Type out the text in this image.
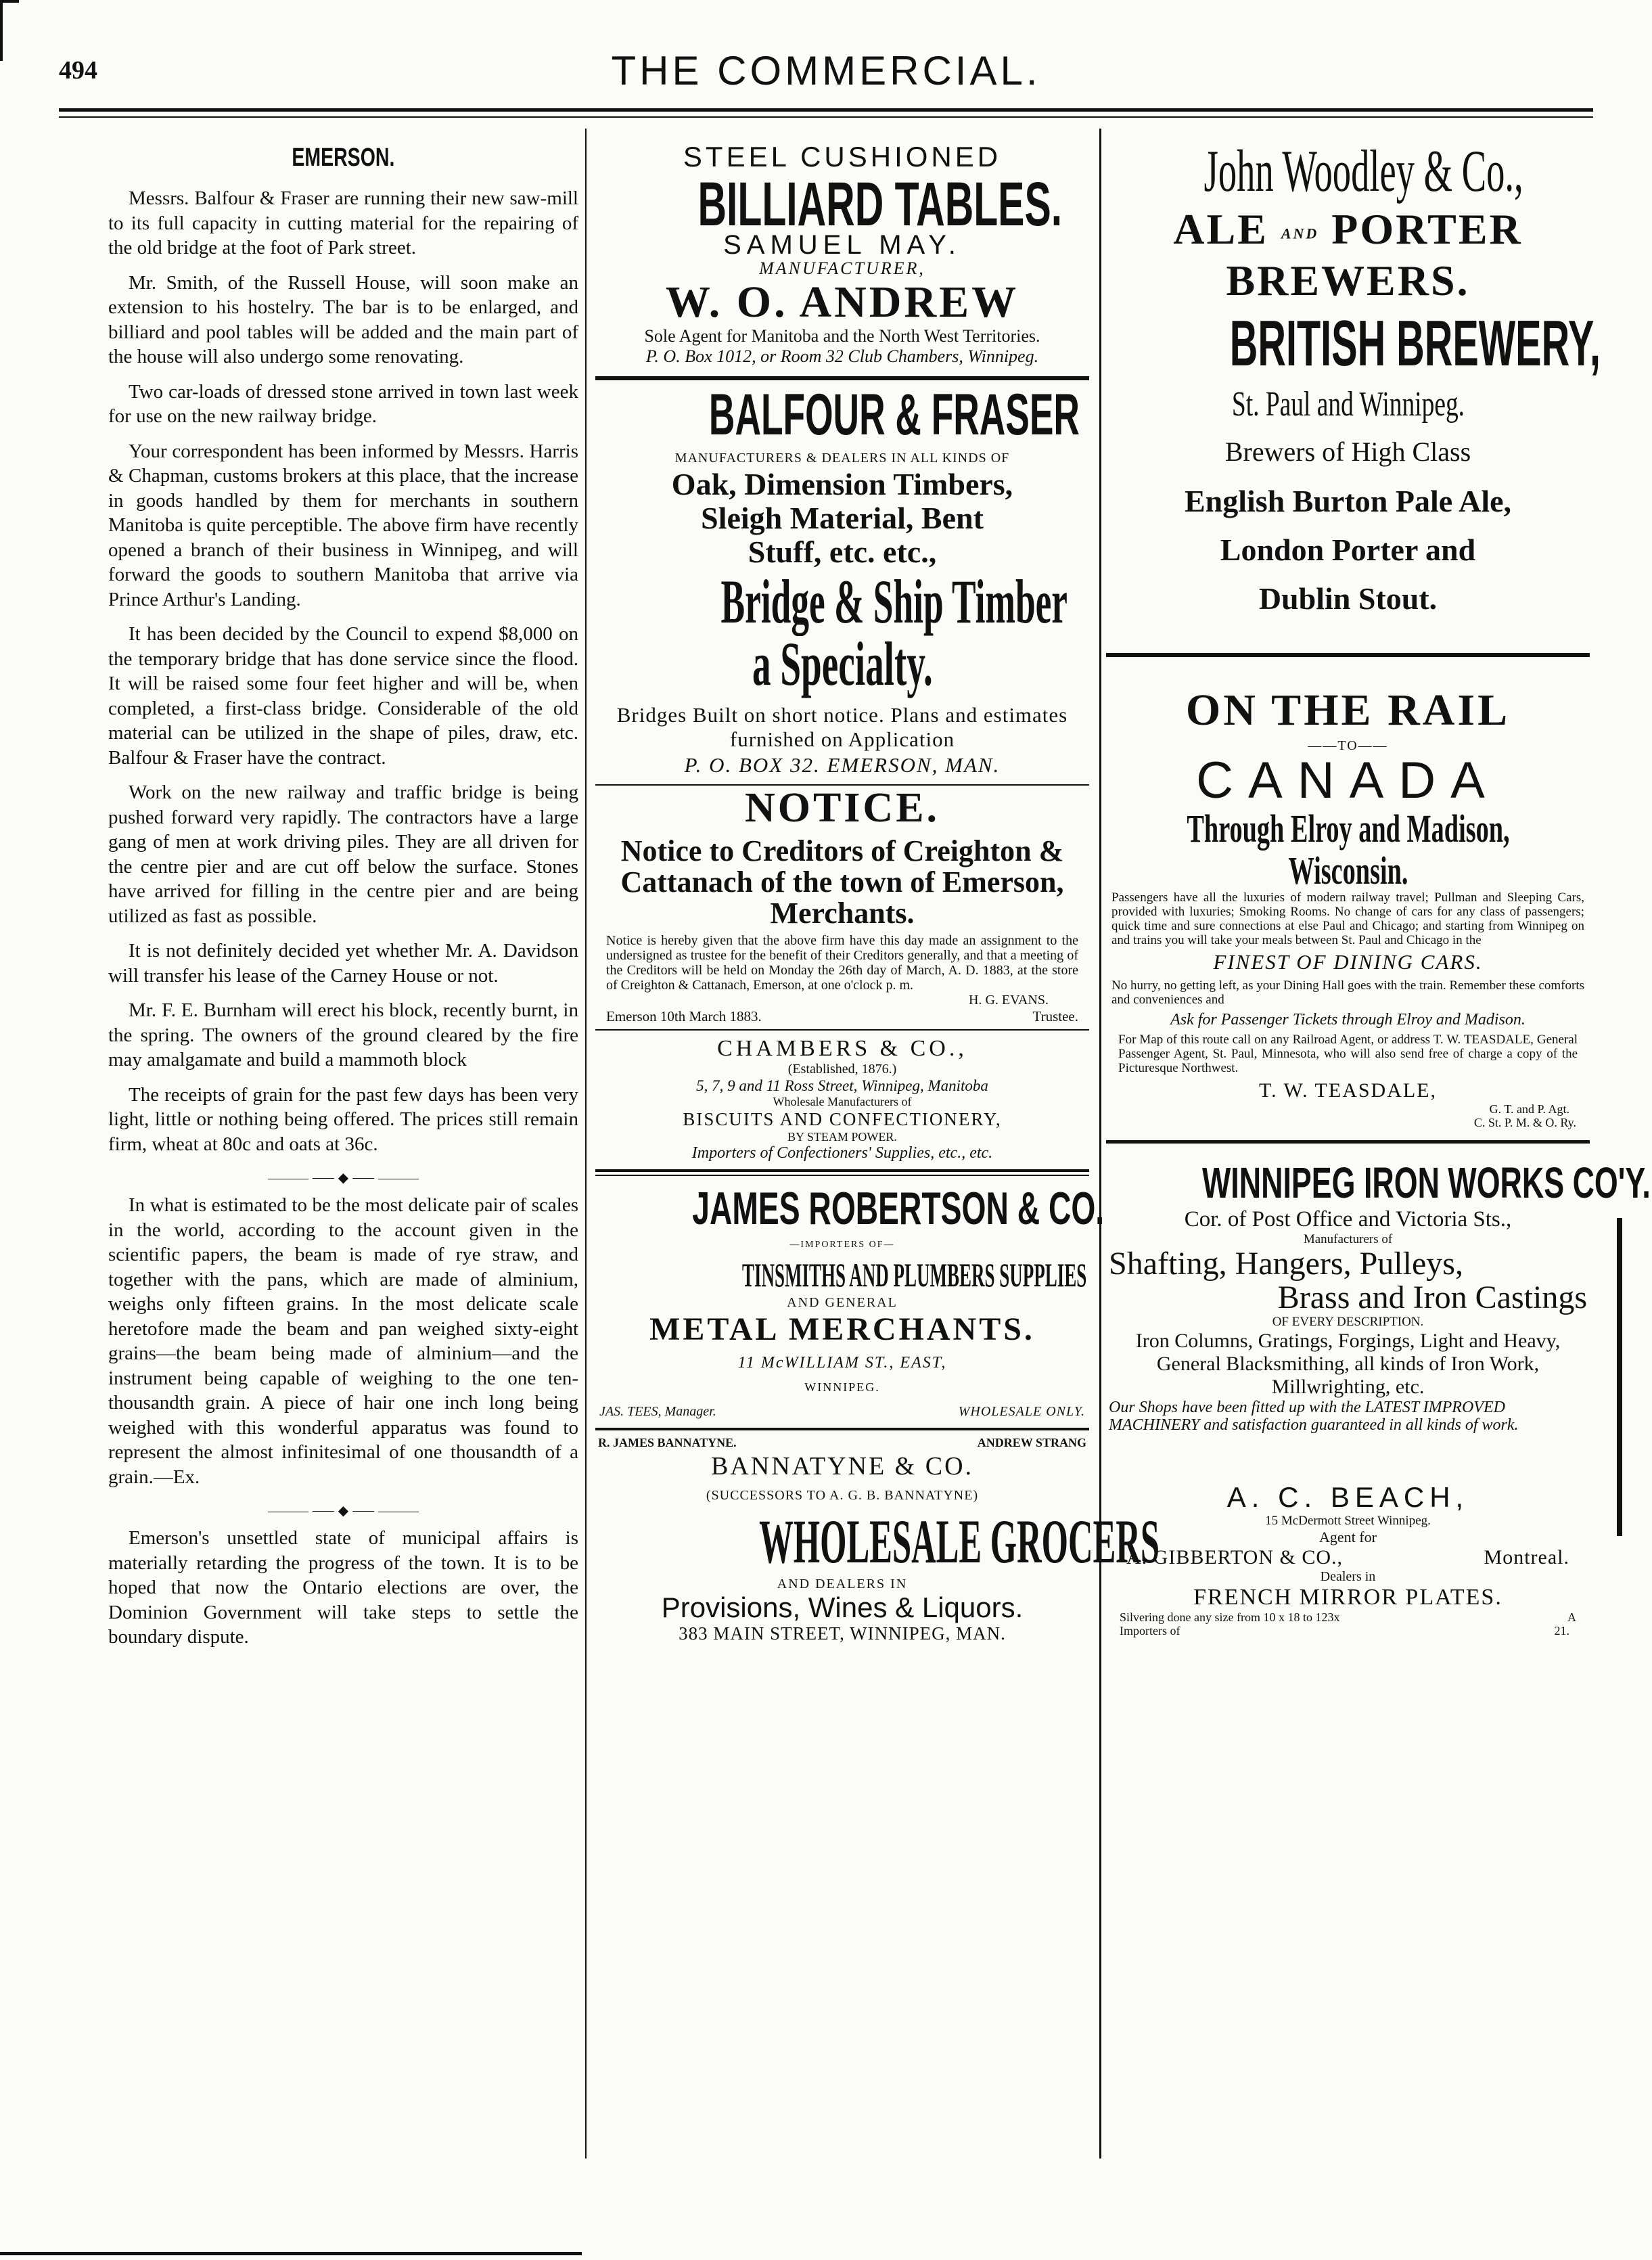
494	THE COMMERCIAL.
EMERSON.

Messrs. Balfour & Fraser are running their new saw-mill to its full capacity in cutting material for the repairing of the old bridge at the foot of Park street.

Mr. Smith, of the Russell House, will soon make an extension to his hostelry. The bar is to be enlarged, and billiard and pool tables will be added and the main part of the house will also undergo some renovating.

Two car-loads of dressed stone arrived in town last week for use on the new railway bridge.

Your correspondent has been informed by Messrs. Harris & Chapman, customs brokers at this place, that the increase in goods handled by them for merchants in southern Manitoba is quite perceptible. The above firm have recently opened a branch of their business in Winnipeg, and will forward the goods to southern Manitoba that arrive via Prince Arthur's Landing.

It has been decided by the Council to expend $8,000 on the temporary bridge that has done service since the flood. It will be raised some four feet higher and will be, when completed, a first-class bridge. Considerable of the old material can be utilized in the shape of piles, draw, etc. Balfour & Fraser have the contract.

Work on the new railway and traffic bridge is being pushed forward very rapidly. The contractors have a large gang of men at work driving piles. They are all driven for the centre pier and are cut off below the surface. Stones have arrived for filling in the centre pier and are being utilized as fast as possible.

It is not definitely decided yet whether Mr. A. Davidson will transfer his lease of the Carney House or not.

Mr. F. E. Burnham will erect his block, recently burnt, in the spring. The owners of the ground cleared by the fire may amalgamate and build a mammoth block

The receipts of grain for the past few days has been very light, little or nothing being offered. The prices still remain firm, wheat at 80c and oats at 36c.

——— ⸺ ◆ ⸺ ———

In what is estimated to be the most delicate pair of scales in the world, according to the account given in the scientific papers, the beam is made of rye straw, and together with the pans, which are made of alminium, weighs only fifteen grains. In the most delicate scale heretofore made the beam and pan weighed sixty-eight grains—the beam being made of alminium—and the instrument being capable of weighing to the one ten-thousandth grain. A piece of hair one inch long being weighed with this wonderful apparatus was found to represent the almost infinitesimal of one thousandth of a grain.—Ex.

——— ⸺ ◆ ⸺ ———

Emerson's unsettled state of municipal affairs is materially retarding the progress of the town. It is to be hoped that now the Ontario elections are over, the Dominion Government will take steps to settle the boundary dispute.

STEEL CUSHIONED
BILLIARD TABLES.
SAMUEL MAY.
MANUFACTURER,
W. O. ANDREW
Sole Agent for Manitoba and the North West Territories.
P. O. Box 1012, or Room 32 Club Chambers, Winnipeg.
BALFOUR & FRASER
MANUFACTURERS & DEALERS IN ALL KINDS OF
Oak, Dimension Timbers,
Sleigh Material, Bent
Stuff, etc. etc.,
Bridge & Ship Timber
a Specialty.
Bridges Built on short notice. Plans and estimates furnished on Application
P. O. BOX 32. EMERSON, MAN.
NOTICE.
Notice to Creditors of Creighton & Cattanach of the town of Emerson, Merchants.
Notice is hereby given that the above firm have this day made an assignment to the undersigned as trustee for the benefit of their Creditors generally, and that a meeting of the Creditors will be held on Monday the 26th day of March, A. D. 1883, at the store of Creighton & Cattanach, Emerson, at one o'clock p. m.
H. G. EVANS.
Emerson 10th March 1883.	Trustee.
CHAMBERS & CO.,
(Established, 1876.)
5, 7, 9 and 11 Ross Street, Winnipeg, Manitoba
Wholesale Manufacturers of
BISCUITS AND CONFECTIONERY,
BY STEAM POWER.
Importers of Confectioners' Supplies, etc., etc.
JAMES ROBERTSON & CO.
—IMPORTERS OF—
TINSMITHS AND PLUMBERS SUPPLIES
AND GENERAL
METAL MERCHANTS.
11 McWILLIAM ST., EAST,
WINNIPEG.
JAS. TEES, Manager.	WHOLESALE ONLY.
R. JAMES BANNATYNE.	ANDREW STRANG
BANNATYNE & CO.
(SUCCESSORS TO A. G. B. BANNATYNE)
WHOLESALE GROCERS
AND DEALERS IN
Provisions, Wines & Liquors.
383 MAIN STREET, WINNIPEG, MAN.
John Woodley & Co.,
ALE AND PORTER
BREWERS.
BRITISH BREWERY,
St. Paul and Winnipeg.
Brewers of High Class
English Burton Pale Ale,
London Porter and
Dublin Stout.
ON THE RAIL
——TO——
CANADA
Through Elroy and Madison, Wisconsin.
Passengers have all the luxuries of modern railway travel; Pullman and Sleeping Cars, provided with luxuries; Smoking Rooms. No change of cars for any class of passengers; quick time and sure connections at else Paul and Chicago; and starting from Winnipeg on and trains you will take your meals between St. Paul and Chicago in the
FINEST OF DINING CARS.
No hurry, no getting left, as your Dining Hall goes with the train. Remember these comforts and conveniences and
Ask for Passenger Tickets through Elroy and Madison.
For Map of this route call on any Railroad Agent, or address T. W. TEASDALE, General Passenger Agent, St. Paul, Minnesota, who will also send free of charge a copy of the Picturesque Northwest.
T. W. TEASDALE,
G. T. and P. Agt.
C. St. P. M. & O. Ry.
WINNIPEG IRON WORKS CO'Y.
Cor. of Post Office and Victoria Sts.,
Manufacturers of
Shafting, Hangers, Pulleys,
Brass and Iron Castings
OF EVERY DESCRIPTION.
Iron Columns, Gratings, Forgings, Light and Heavy, General Blacksmithing, all kinds of Iron Work, Millwrighting, etc.
Our Shops have been fitted up with the LATEST IMPROVED MACHINERY and satisfaction guaranteed in all kinds of work.
A. C. BEACH,
15 McDermott Street Winnipeg.
Agent for
A. GIBBERTON & CO.,	Montreal.
Dealers in
FRENCH MIRROR PLATES.
Silvering done any size from 10 x 18 to 123x	A
Importers of	21.
